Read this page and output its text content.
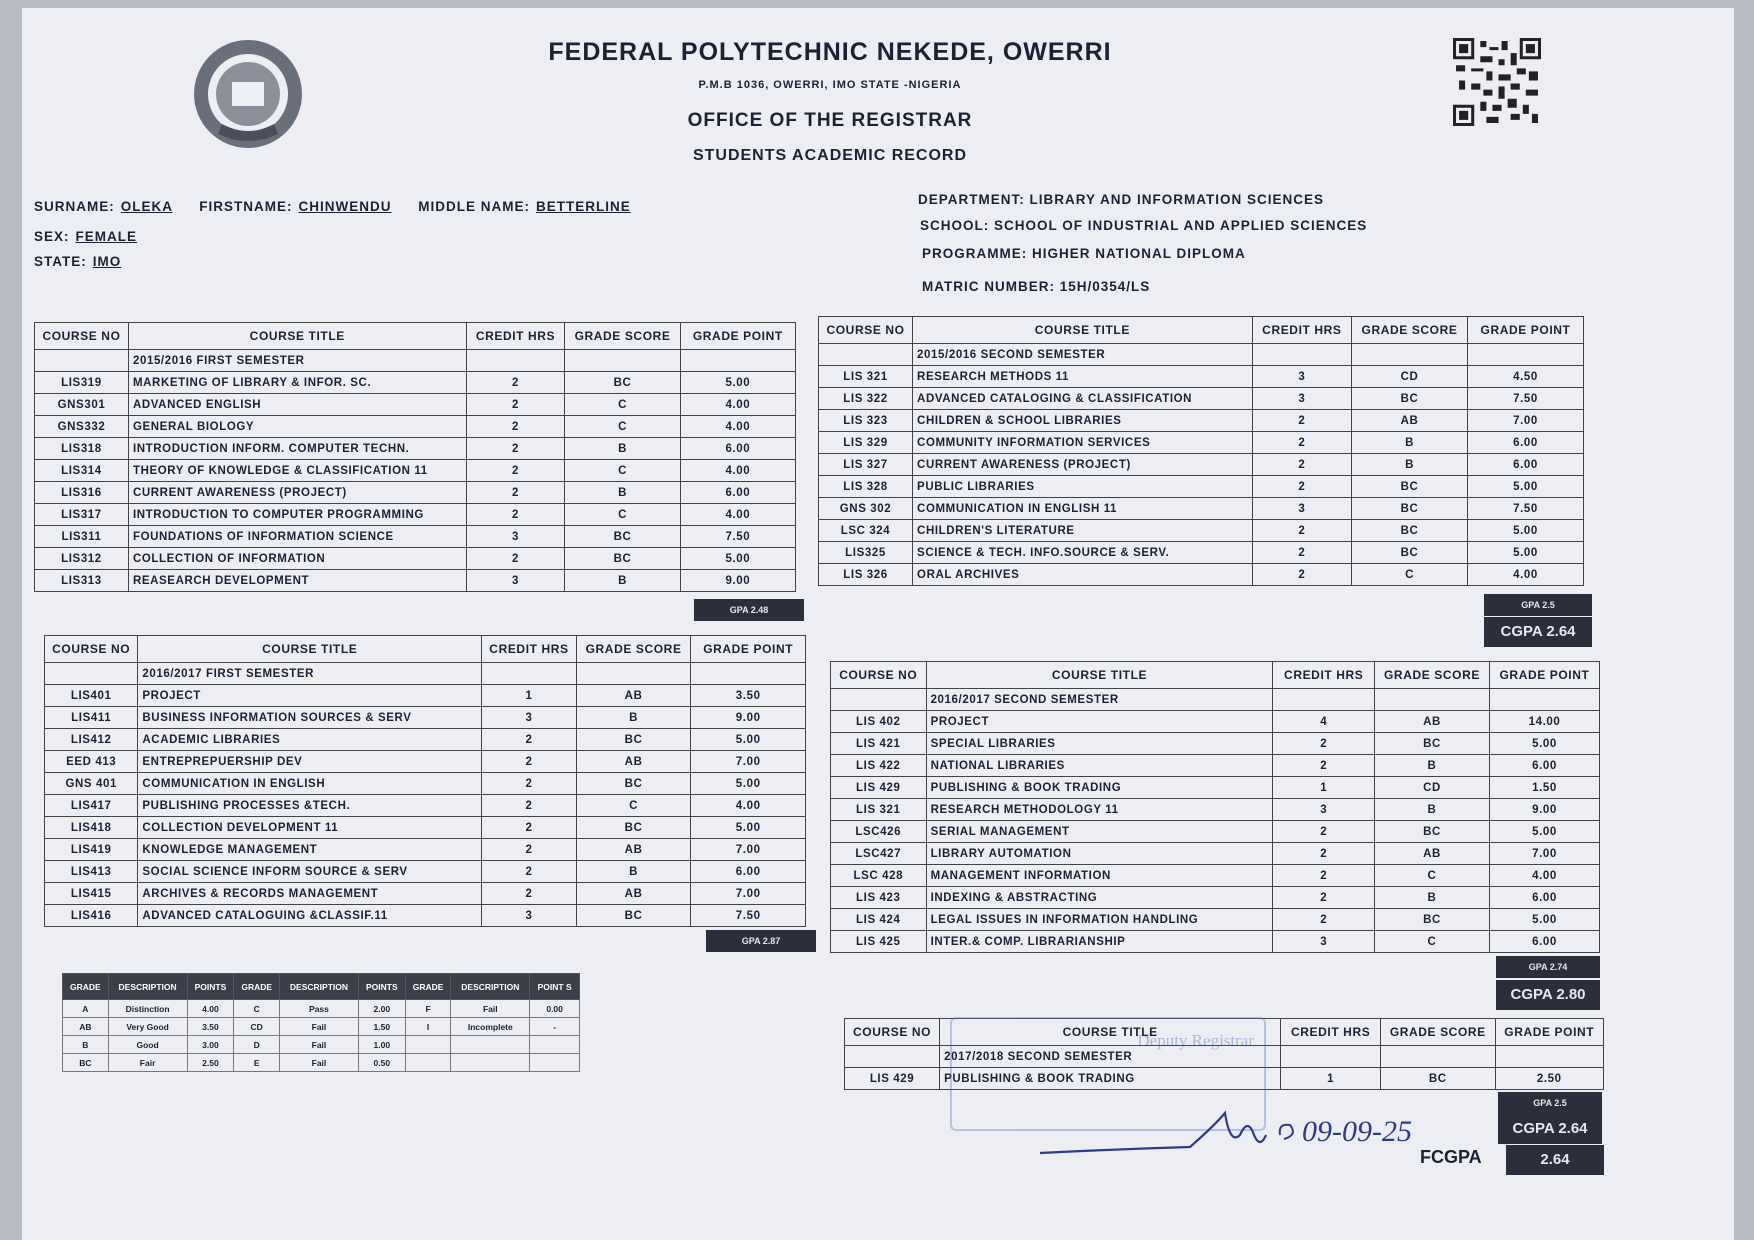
FEDERAL POLYTECHNIC NEKEDE, OWERRI
P.M.B 1036, OWERRI, IMO STATE -NIGERIA
OFFICE OF THE REGISTRAR
STUDENTS ACADEMIC RECORD
SURNAME: OLEKA FIRSTNAME: CHINWENDU MIDDLE NAME: BETTERLINE
SEX: FEMALE
STATE: IMO
DEPARTMENT: LIBRARY AND INFORMATION SCIENCES
SCHOOL: SCHOOL OF INDUSTRIAL AND APPLIED SCIENCES
PROGRAMME: HIGHER NATIONAL DIPLOMA
MATRIC NUMBER: 15H/0354/LS
COURSE NO	COURSE TITLE	CREDIT HRS	GRADE SCORE	GRADE POINT
	2015/2016 FIRST SEMESTER			
LIS319	MARKETING OF LIBRARY & INFOR. SC.	2	BC	5.00
GNS301	ADVANCED ENGLISH	2	C	4.00
GNS332	GENERAL BIOLOGY	2	C	4.00
LIS318	INTRODUCTION INFORM. COMPUTER TECHN.	2	B	6.00
LIS314	THEORY OF KNOWLEDGE & CLASSIFICATION 11	2	C	4.00
LIS316	CURRENT AWARENESS (PROJECT)	2	B	6.00
LIS317	INTRODUCTION TO COMPUTER PROGRAMMING	2	C	4.00
LIS311	FOUNDATIONS OF INFORMATION SCIENCE	3	BC	7.50
LIS312	COLLECTION OF INFORMATION	2	BC	5.00
LIS313	REASEARCH DEVELOPMENT	3	B	9.00
GPA 2.48
COURSE NO	COURSE TITLE	CREDIT HRS	GRADE SCORE	GRADE POINT
	2015/2016 SECOND SEMESTER			
LIS 321	RESEARCH METHODS 11	3	CD	4.50
LIS 322	ADVANCED CATALOGING & CLASSIFICATION	3	BC	7.50
LIS 323	CHILDREN & SCHOOL LIBRARIES	2	AB	7.00
LIS 329	COMMUNITY INFORMATION SERVICES	2	B	6.00
LIS 327	CURRENT AWARENESS (PROJECT)	2	B	6.00
LIS 328	PUBLIC LIBRARIES	2	BC	5.00
GNS 302	COMMUNICATION IN ENGLISH 11	3	BC	7.50
LSC 324	CHILDREN'S LITERATURE	2	BC	5.00
LIS325	SCIENCE & TECH. INFO.SOURCE & SERV.	2	BC	5.00
LIS 326	ORAL ARCHIVES	2	C	4.00
GPA 2.5
CGPA 2.64
COURSE NO	COURSE TITLE	CREDIT HRS	GRADE SCORE	GRADE POINT
	2016/2017 FIRST SEMESTER			
LIS401	PROJECT	1	AB	3.50
LIS411	BUSINESS INFORMATION SOURCES & SERV	3	B	9.00
LIS412	ACADEMIC LIBRARIES	2	BC	5.00
EED 413	ENTREPREPUERSHIP DEV	2	AB	7.00
GNS 401	COMMUNICATION IN ENGLISH	2	BC	5.00
LIS417	PUBLISHING PROCESSES &TECH.	2	C	4.00
LIS418	COLLECTION DEVELOPMENT 11	2	BC	5.00
LIS419	KNOWLEDGE MANAGEMENT	2	AB	7.00
LIS413	SOCIAL SCIENCE INFORM SOURCE & SERV	2	B	6.00
LIS415	ARCHIVES & RECORDS MANAGEMENT	2	AB	7.00
LIS416	ADVANCED CATALOGUING &CLASSIF.11	3	BC	7.50
GPA 2.87
COURSE NO	COURSE TITLE	CREDIT HRS	GRADE SCORE	GRADE POINT
	2016/2017 SECOND SEMESTER			
LIS 402	PROJECT	4	AB	14.00
LIS 421	SPECIAL LIBRARIES	2	BC	5.00
LIS 422	NATIONAL LIBRARIES	2	B	6.00
LIS 429	PUBLISHING & BOOK TRADING	1	CD	1.50
LIS 321	RESEARCH METHODOLOGY 11	3	B	9.00
LSC426	SERIAL MANAGEMENT	2	BC	5.00
LSC427	LIBRARY AUTOMATION	2	AB	7.00
LSC 428	MANAGEMENT INFORMATION	2	C	4.00
LIS 423	INDEXING & ABSTRACTING	2	B	6.00
LIS 424	LEGAL ISSUES IN INFORMATION HANDLING	2	BC	5.00
LIS 425	INTER.& COMP. LIBRARIANSHIP	3	C	6.00
GPA 2.74
CGPA 2.80
COURSE NO	COURSE TITLE	CREDIT HRS	GRADE SCORE	GRADE POINT
	2017/2018 SECOND SEMESTER			
LIS 429	PUBLISHING & BOOK TRADING	1	BC	2.50
GPA 2.5
CGPA 2.64
FCGPA	2.64
GRADE	DESCRIPTION	POINTS	GRADE	DESCRIPTION	POINTS	GRADE	DESCRIPTION	POINT S
A	Distinction	4.00	C	Pass	2.00	F	Fail	0.00
AB	Very Good	3.50	CD	Fail	1.50	I	Incomplete	-
B	Good	3.00	D	Fail	1.00			
BC	Fair	2.50	E	Fail	0.50			
Deputy Registrar
09-09-25
